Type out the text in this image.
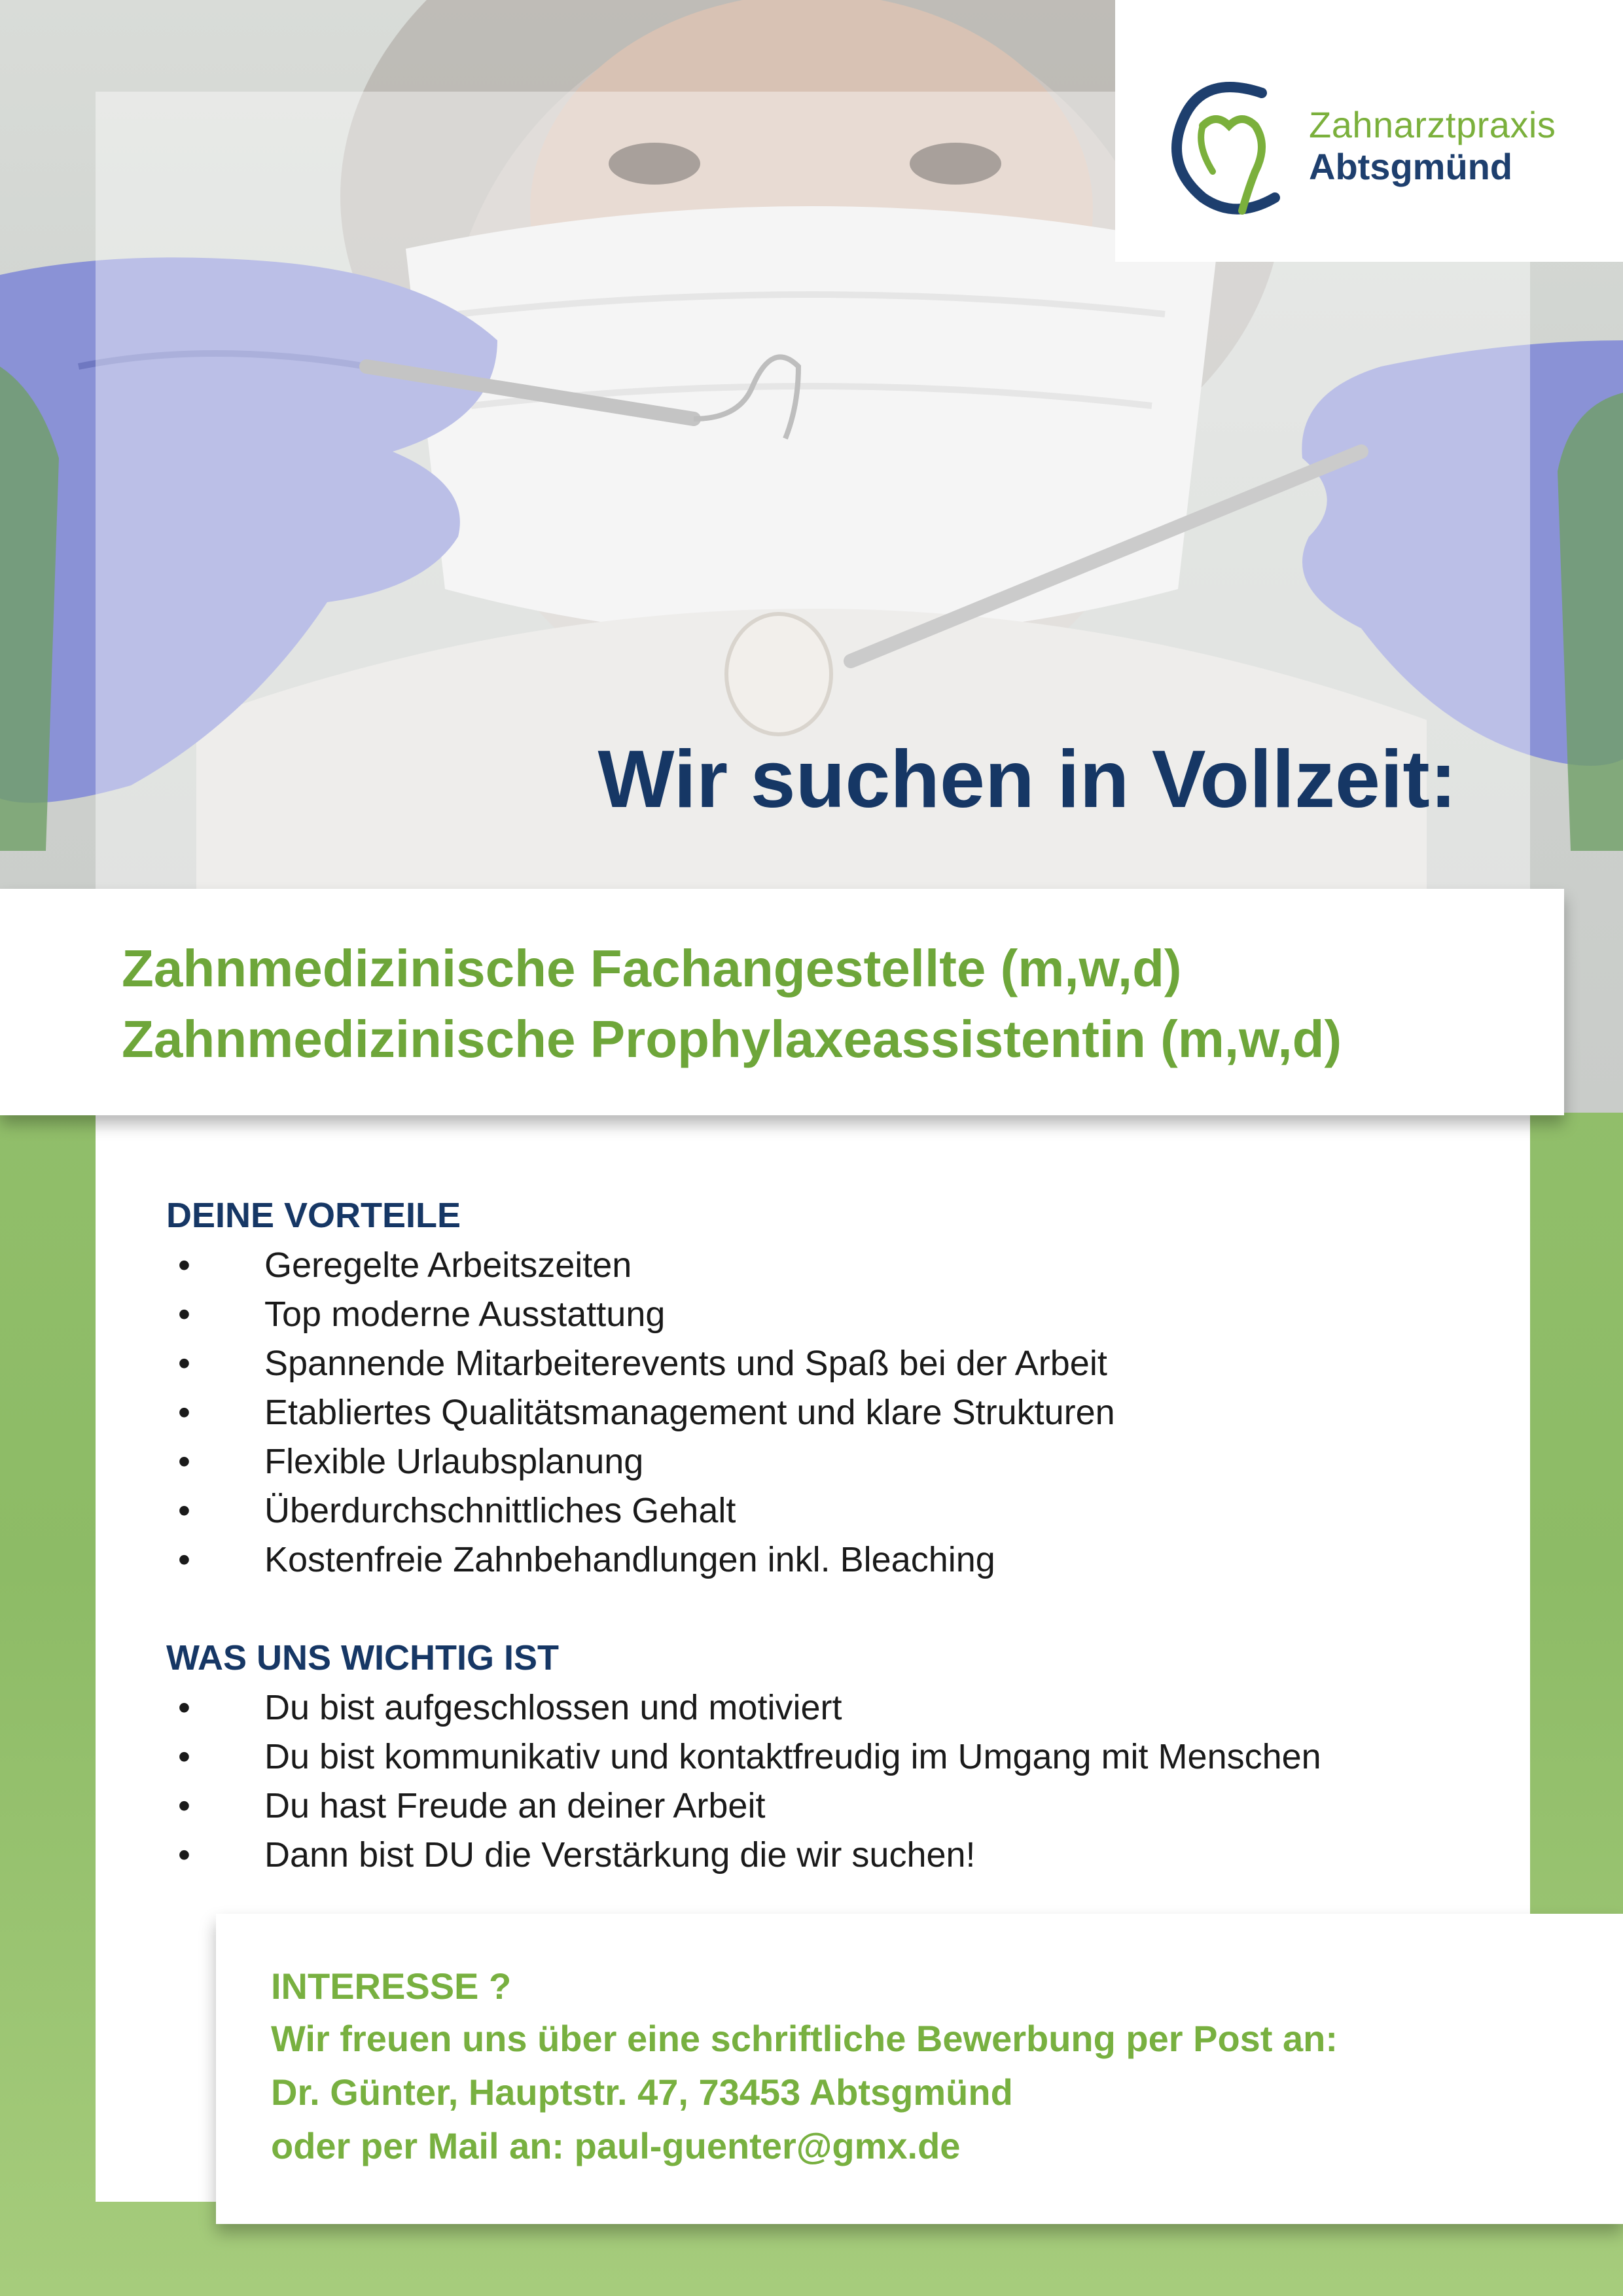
Zahnarztpraxis
Abtsgmünd
Wir suchen in Vollzeit:
Zahnmedizinische Fachangestellte (m,w,d)
Zahnmedizinische Prophylaxeassistentin (m,w,d)
DEINE VORTEILE
• Geregelte Arbeitszeiten
• Top moderne Ausstattung
• Spannende Mitarbeiterevents und Spaß bei der Arbeit
• Etabliertes Qualitätsmanagement und klare Strukturen
• Flexible Urlaubsplanung
• Überdurchschnittliches Gehalt
• Kostenfreie Zahnbehandlungen inkl. Bleaching
WAS UNS WICHTIG IST
• Du bist aufgeschlossen und motiviert
• Du bist kommunikativ und kontaktfreudig im Umgang mit Menschen
• Du hast Freude an deiner Arbeit
• Dann bist DU die Verstärkung die wir suchen!
INTERESSE ?
Wir freuen uns über eine schriftliche Bewerbung per Post an:
Dr. Günter, Hauptstr. 47, 73453 Abtsgmünd
oder per Mail an: paul-guenter@gmx.de
